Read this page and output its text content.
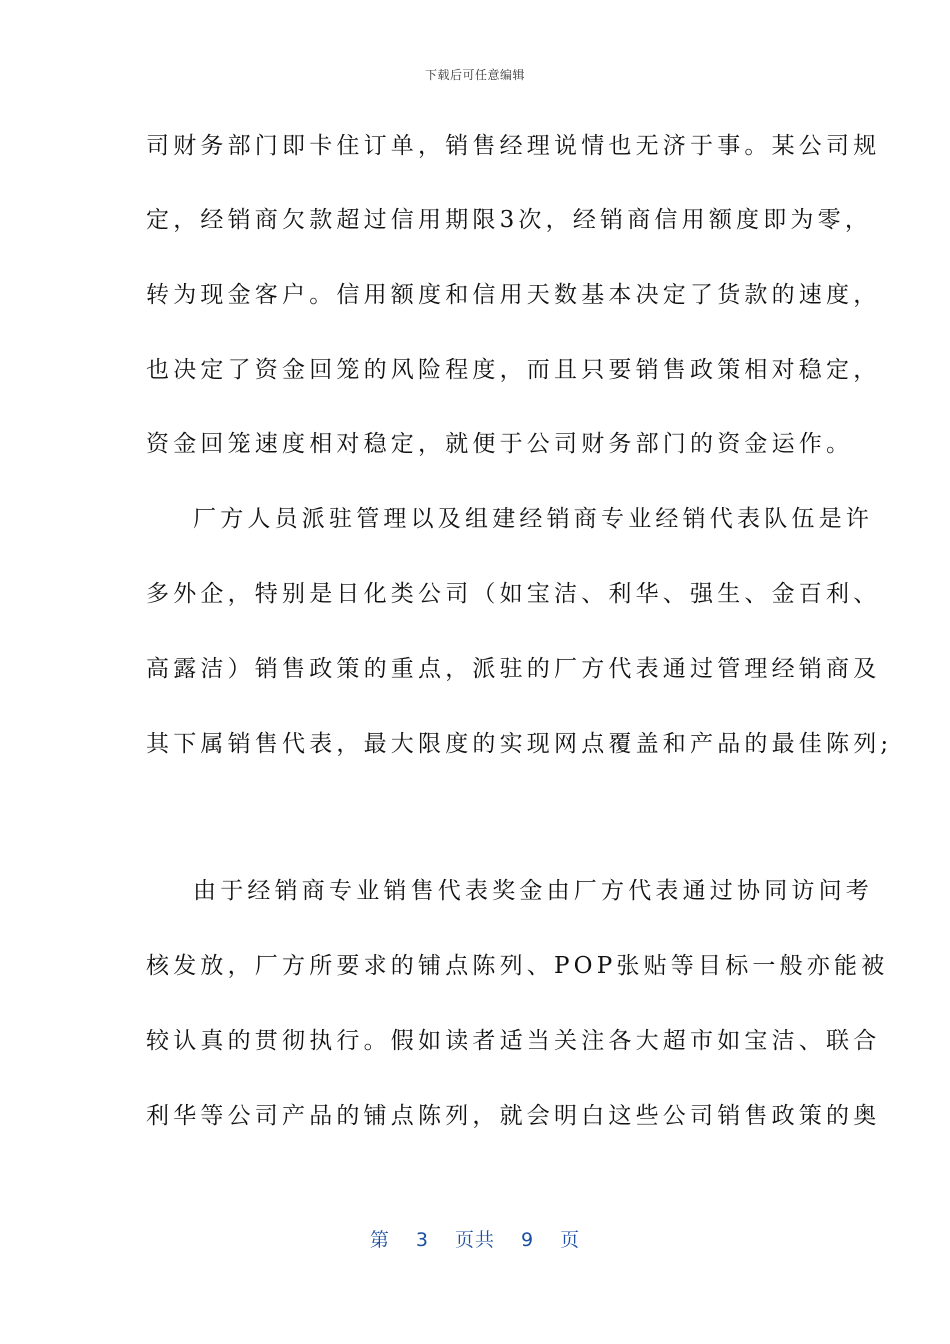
下载后可任意编辑
司财务部门即卡住订单，销售经理说情也无济于事。某公司规
定，经销商欠款超过信用期限3次，经销商信用额度即为零，
转为现金客户。信用额度和信用天数基本决定了货款的速度，
也决定了资金回笼的风险程度，而且只要销售政策相对稳定，
资金回笼速度相对稳定，就便于公司财务部门的资金运作。
厂方人员派驻管理以及组建经销商专业经销代表队伍是许
多外企，特别是日化类公司（如宝洁、利华、强生、金百利、
高露洁）销售政策的重点，派驻的厂方代表通过管理经销商及
其下属销售代表，最大限度的实现网点覆盖和产品的最佳陈列;
由于经销商专业销售代表奖金由厂方代表通过协同访问考
核发放，厂方所要求的铺点陈列、POP张贴等目标一般亦能被
较认真的贯彻执行。假如读者适当关注各大超市如宝洁、联合
利华等公司产品的铺点陈列，就会明白这些公司销售政策的奥
第 3 页共 9 页
